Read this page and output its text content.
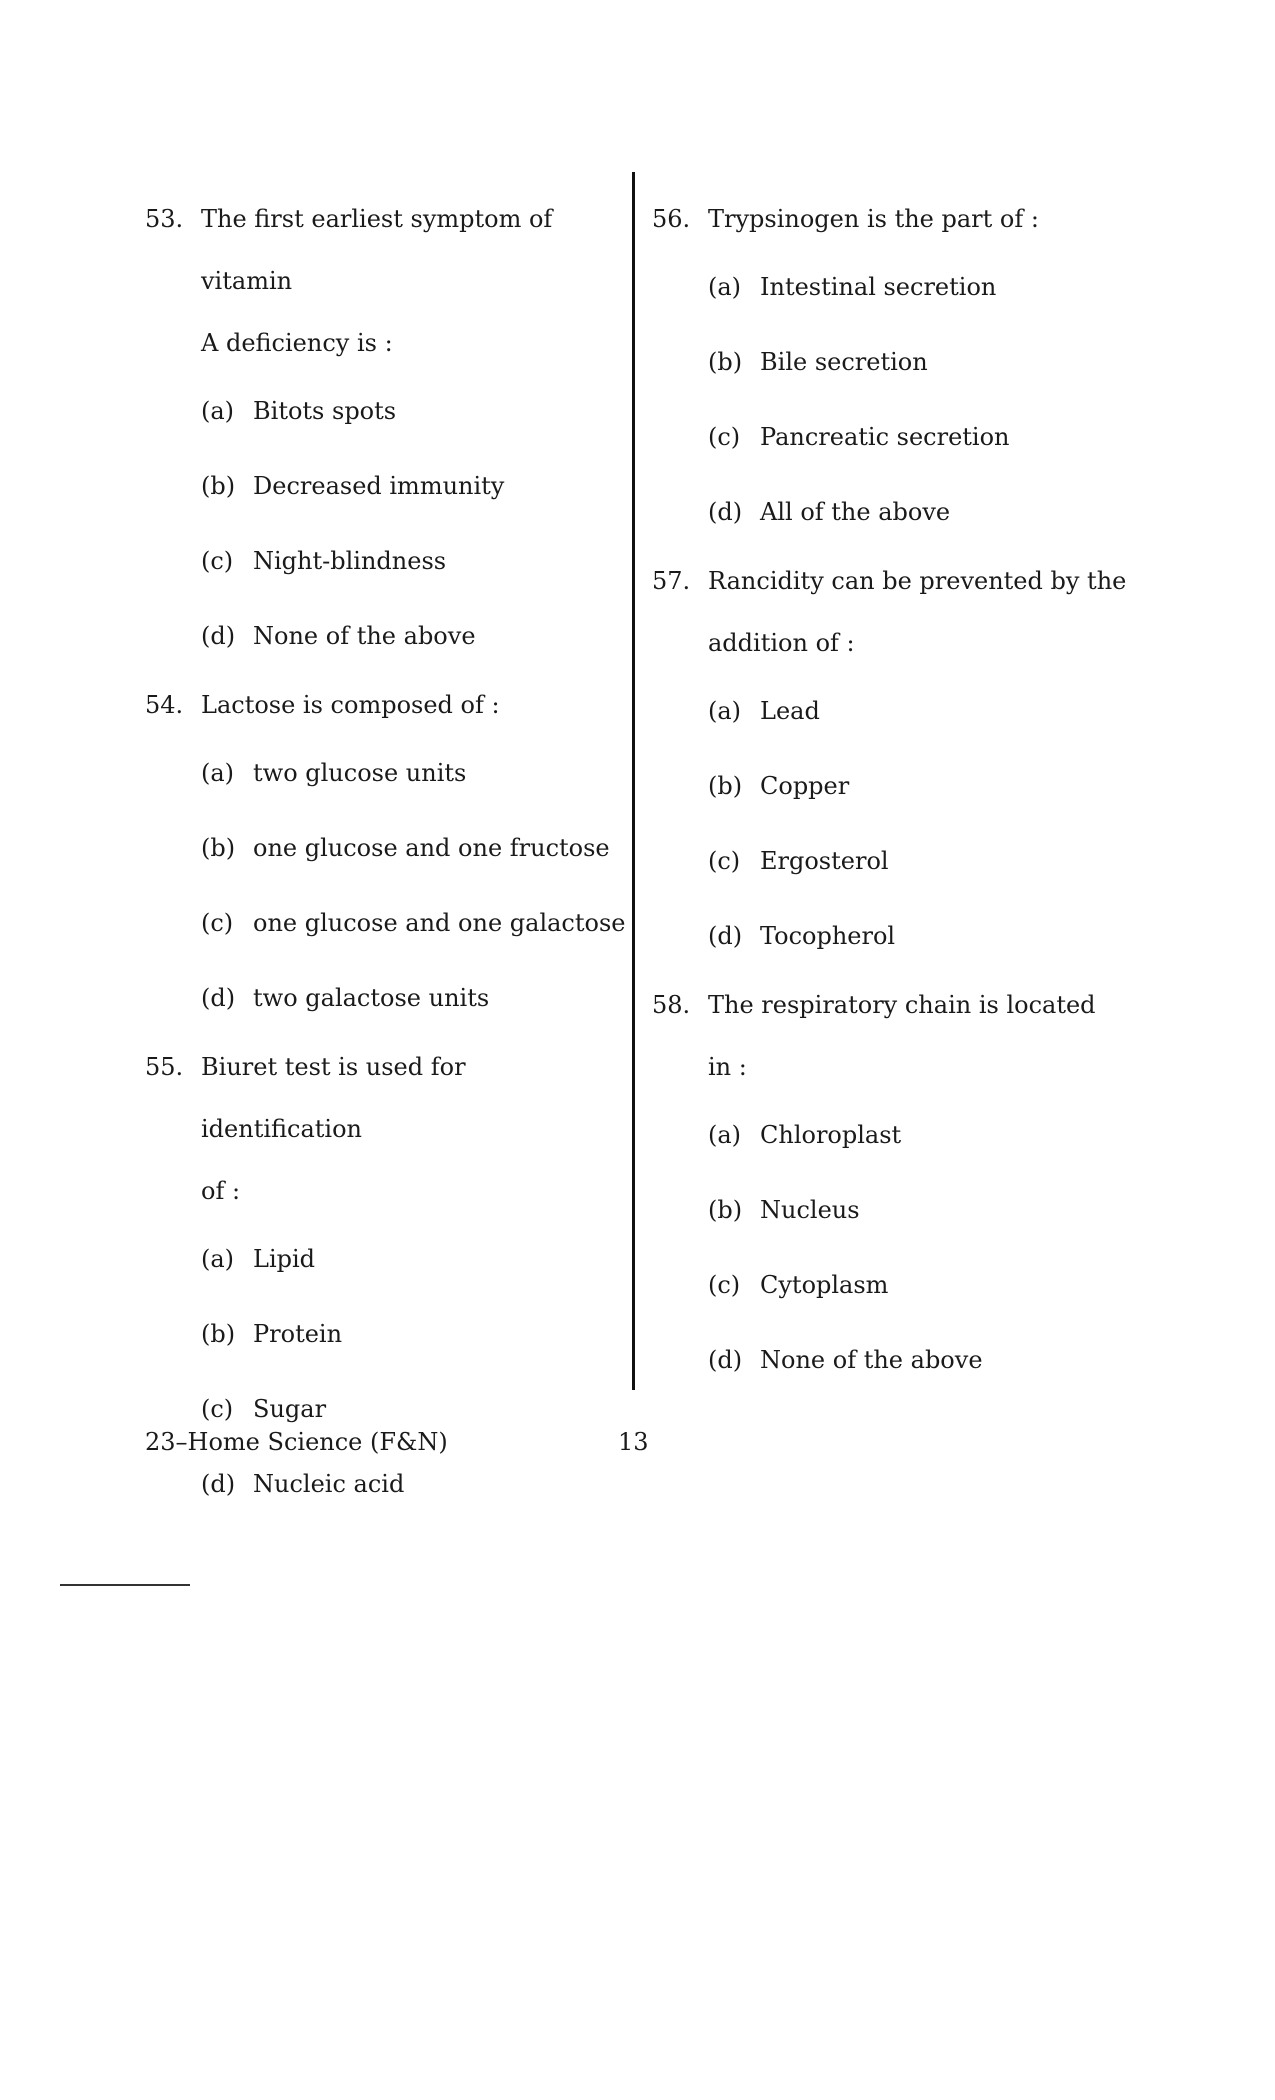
53. The first earliest symptom of vitamin
A deficiency is :
(a) Bitots spots
(b) Decreased immunity
(c) Night-blindness
(d) None of the above
54. Lactose is composed of :
(a) two glucose units
(b) one glucose and one fructose
(c) one glucose and one galactose
(d) two galactose units
55. Biuret test is used for identification
of :
(a) Lipid
(b) Protein
(c) Sugar
(d) Nucleic acid
56. Trypsinogen is the part of :
(a) Intestinal secretion
(b) Bile secretion
(c) Pancreatic secretion
(d) All of the above
57. Rancidity can be prevented by the
addition of :
(a) Lead
(b) Copper
(c) Ergosterol
(d) Tocopherol
58. The respiratory chain is located
in :
(a) Chloroplast
(b) Nucleus
(c) Cytoplasm
(d) None of the above
23–Home Science (F&N)	13
